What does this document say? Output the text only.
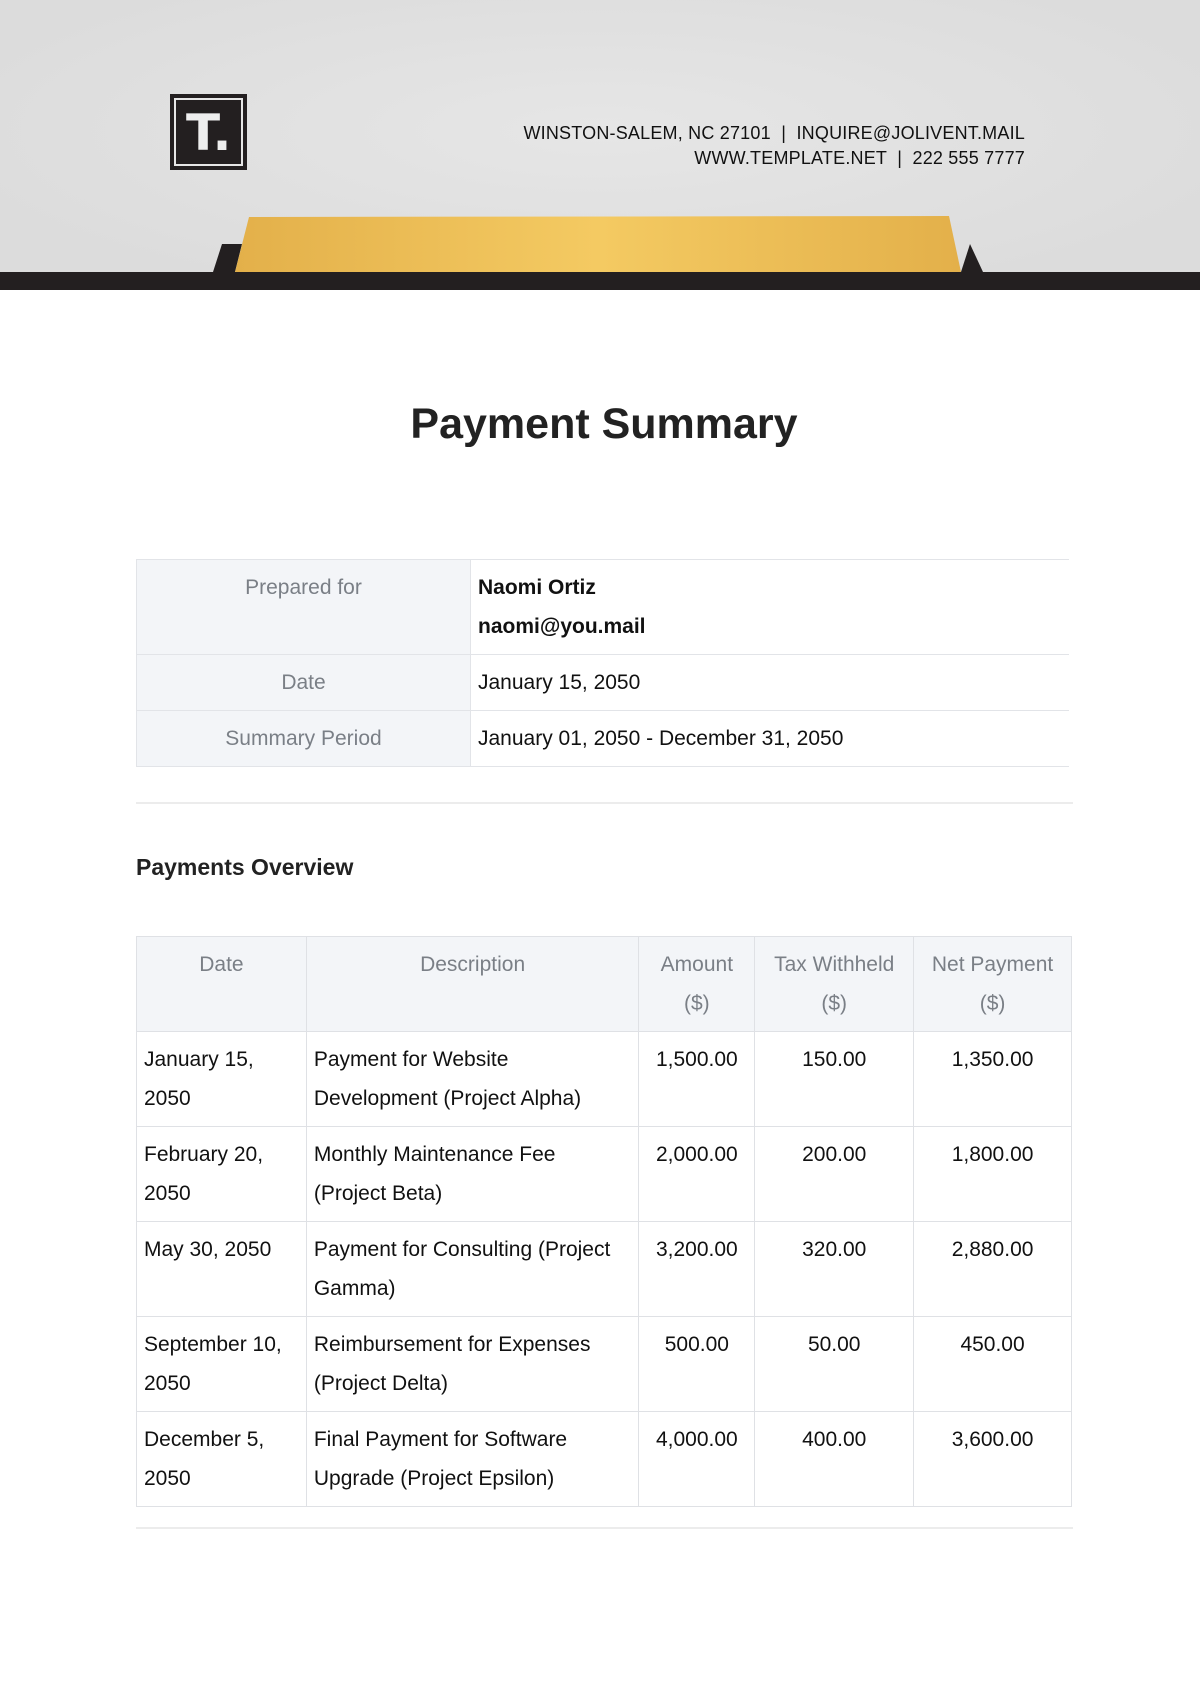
T.	WINSTON-SALEM, NC 27101  |  INQUIRE@JOLIVENT.MAIL
WWW.TEMPLATE.NET  |  222 555 7777
Payment Summary
Prepared for	Naomi Ortiz
naomi@you.mail

Date	January 15, 2050
Summary Period	January 01, 2050 - December 31, 2050
Payments Overview
Date	Description	Amount ($)	Tax Withheld ($)	Net Payment ($)
January 15, 2050	Payment for Website Development (Project Alpha)	1,500.00	150.00	1,350.00
February 20, 2050	Monthly Maintenance Fee (Project Beta)	2,000.00	200.00	1,800.00
May 30, 2050	Payment for Consulting (Project Gamma)	3,200.00	320.00	2,880.00
September 10, 2050	Reimbursement for Expenses (Project Delta)	500.00	50.00	450.00
December 5, 2050	Final Payment for Software Upgrade (Project Epsilon)	4,000.00	400.00	3,600.00
